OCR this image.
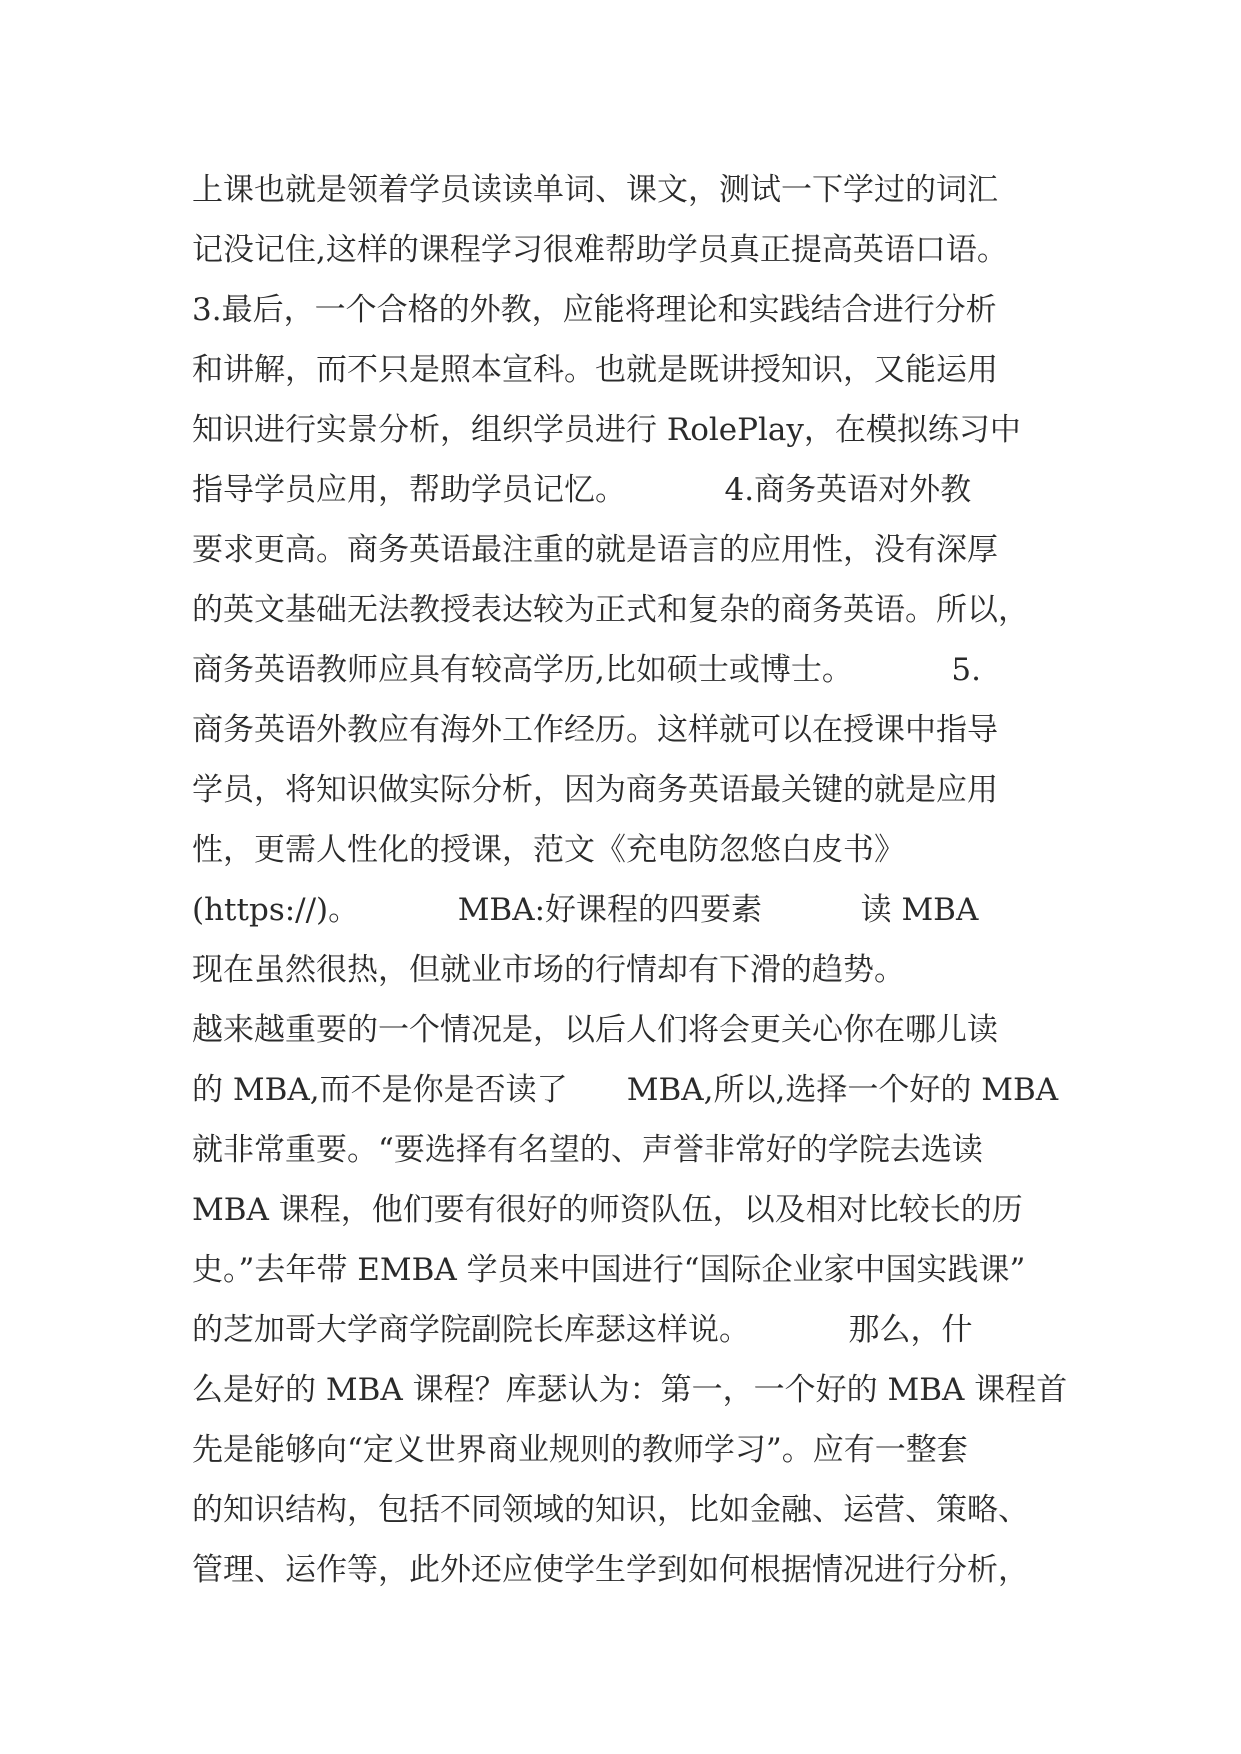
上课也就是领着学员读读单词、课文，测试一下学过的词汇

记没记住,这样的课程学习很难帮助学员真正提高英语口语。

3.最后，一个合格的外教，应能将理论和实践结合进行分析

和讲解，而不只是照本宣科。也就是既讲授知识，又能运用

知识进行实景分析，组织学员进行 RolePlay，在模拟练习中

指导学员应用，帮助学员记忆。          4.商务英语对外教

要求更高。商务英语最注重的就是语言的应用性，没有深厚

的英文基础无法教授表达较为正式和复杂的商务英语。所以，

商务英语教师应具有较高学历,比如硕士或博士。          5.

商务英语外教应有海外工作经历。这样就可以在授课中指导

学员，将知识做实际分析，因为商务英语最关键的就是应用

性，更需人性化的授课，范文《充电防忽悠白皮书》

(https://)。          MBA:好课程的四要素          读 MBA

现在虽然很热，但就业市场的行情却有下滑的趋势。

越来越重要的一个情况是，以后人们将会更关心你在哪儿读

的 MBA,而不是你是否读了      MBA,所以,选择一个好的 MBA

就非常重要。“要选择有名望的、声誉非常好的学院去选读

MBA 课程，他们要有很好的师资队伍，以及相对比较长的历

史。”去年带 EMBA 学员来中国进行“国际企业家中国实践课”

的芝加哥大学商学院副院长库瑟这样说。          那么，什

么是好的 MBA 课程？库瑟认为：第一，一个好的 MBA 课程首

先是能够向“定义世界商业规则的教师学习”。应有一整套

的知识结构，包括不同领域的知识，比如金融、运营、策略、

管理、运作等，此外还应使学生学到如何根据情况进行分析，
